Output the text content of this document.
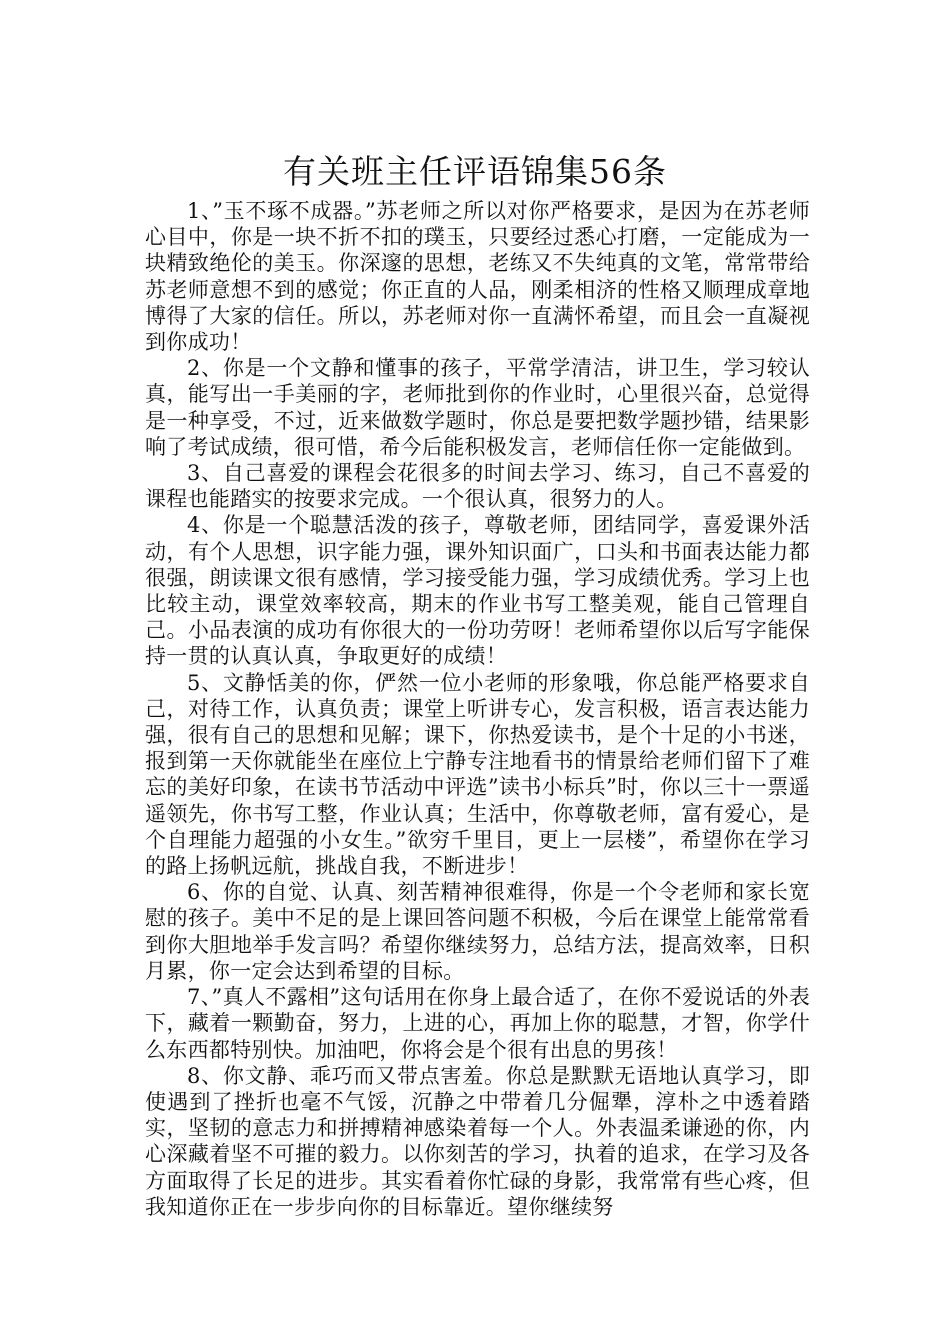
有关班主任评语锦集56条

1、”玉不琢不成器。”苏老师之所以对你严格要求，是因为在苏老师心目中，你是一块不折不扣的璞玉，只要经过悉心打磨，一定能成为一块精致绝伦的美玉。你深邃的思想，老练又不失纯真的文笔，常常带给苏老师意想不到的感觉；你正直的人品，刚柔相济的性格又顺理成章地博得了大家的信任。所以，苏老师对你一直满怀希望，而且会一直凝视到你成功！

2、你是一个文静和懂事的孩子，平常学清洁，讲卫生，学习较认真，能写出一手美丽的字，老师批到你的作业时，心里很兴奋，总觉得是一种享受，不过，近来做数学题时，你总是要把数学题抄错，结果影响了考试成绩，很可惜，希今后能积极发言，老师信任你一定能做到。

3、自己喜爱的课程会花很多的时间去学习、练习，自己不喜爱的课程也能踏实的按要求完成。一个很认真，很努力的人。

4、你是一个聪慧活泼的孩子，尊敬老师，团结同学，喜爱课外活动，有个人思想，识字能力强，课外知识面广，口头和书面表达能力都很强，朗读课文很有感情，学习接受能力强，学习成绩优秀。学习上也比较主动，课堂效率较高，期末的作业书写工整美观，能自己管理自己。小品表演的成功有你很大的一份功劳呀！老师希望你以后写字能保持一贯的认真认真，争取更好的成绩！

5、文静恬美的你，俨然一位小老师的形象哦，你总能严格要求自己，对待工作，认真负责；课堂上听讲专心，发言积极，语言表达能力强，很有自己的思想和见解；课下，你热爱读书，是个十足的小书迷，报到第一天你就能坐在座位上宁静专注地看书的情景给老师们留下了难忘的美好印象，在读书节活动中评选”读书小标兵”时，你以三十一票遥遥领先，你书写工整，作业认真；生活中，你尊敬老师，富有爱心，是个自理能力超强的小女生。”欲穷千里目，更上一层楼”，希望你在学习的路上扬帆远航，挑战自我，不断进步！

6、你的自觉、认真、刻苦精神很难得，你是一个令老师和家长宽慰的孩子。美中不足的是上课回答问题不积极，今后在课堂上能常常看到你大胆地举手发言吗？希望你继续努力，总结方法，提高效率，日积月累，你一定会达到希望的目标。

7、”真人不露相”这句话用在你身上最合适了，在你不爱说话的外表下，藏着一颗勤奋，努力，上进的心，再加上你的聪慧，才智，你学什么东西都特别快。加油吧，你将会是个很有出息的男孩！

8、你文静、乖巧而又带点害羞。你总是默默无语地认真学习，即使遇到了挫折也毫不气馁，沉静之中带着几分倔犟，淳朴之中透着踏实，坚韧的意志力和拼搏精神感染着每一个人。外表温柔谦逊的你，内心深藏着坚不可摧的毅力。以你刻苦的学习，执着的追求，在学习及各方面取得了长足的进步。其实看着你忙碌的身影，我常常有些心疼，但我知道你正在一步步向你的目标靠近。望你继续努
